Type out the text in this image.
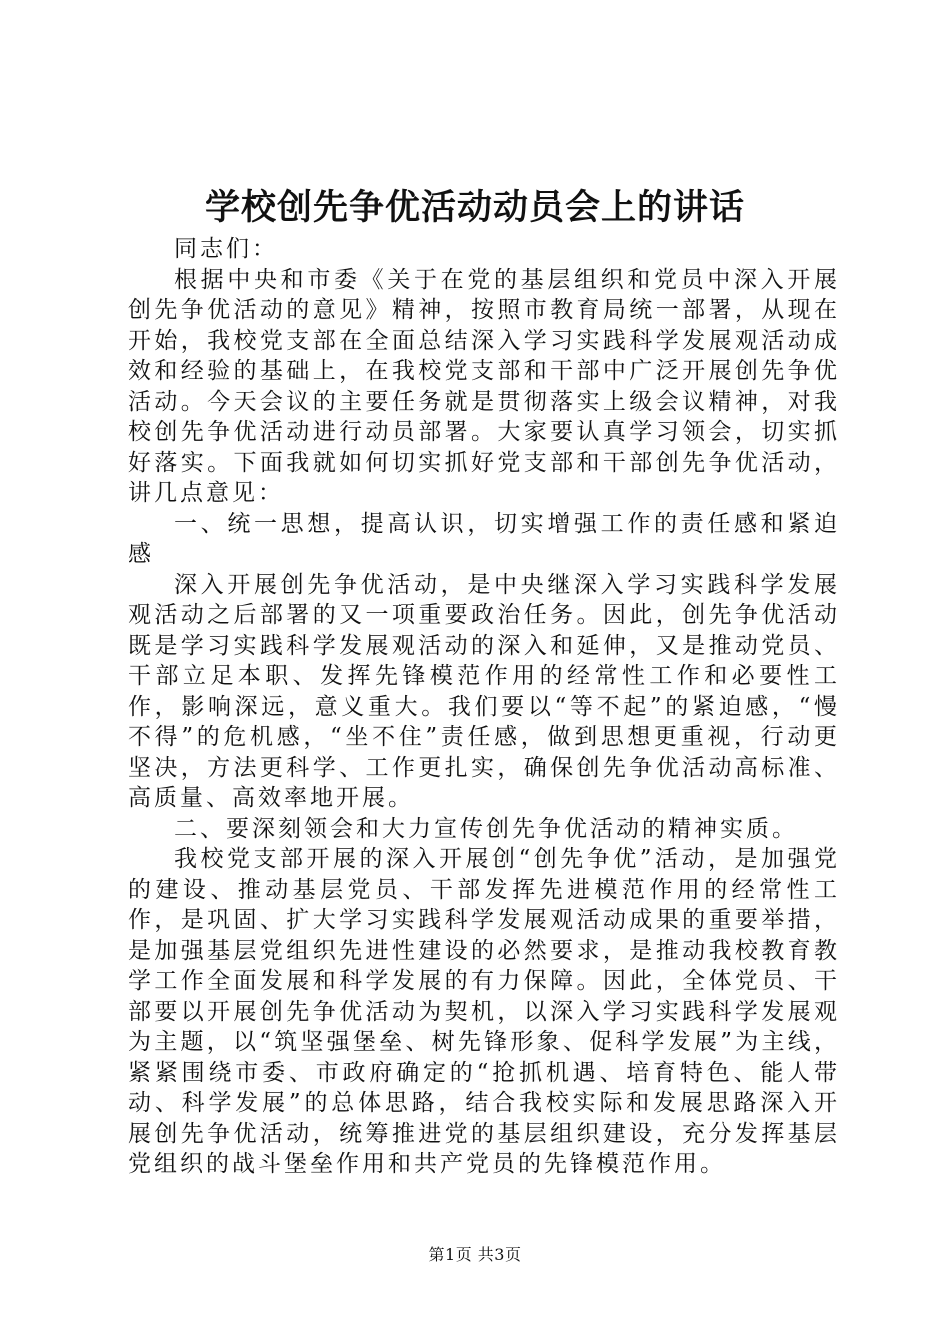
学校创先争优活动动员会上的讲话

同志们：

根据中央和市委《关于在党的基层组织和党员中深入开展创先争优活动的意见》精神，按照市教育局统一部署，从现在开始，我校党支部在全面总结深入学习实践科学发展观活动成效和经验的基础上，在我校党支部和干部中广泛开展创先争优活动。今天会议的主要任务就是贯彻落实上级会议精神，对我校创先争优活动进行动员部署。大家要认真学习领会，切实抓好落实。下面我就如何切实抓好党支部和干部创先争优活动，讲几点意见：

一、统一思想，提高认识，切实增强工作的责任感和紧迫感

深入开展创先争优活动，是中央继深入学习实践科学发展观活动之后部署的又一项重要政治任务。因此，创先争优活动既是学习实践科学发展观活动的深入和延伸，又是推动党员、干部立足本职、发挥先锋模范作用的经常性工作和必要性工作，影响深远，意义重大。我们要以“等不起”的紧迫感，“慢不得”的危机感，“坐不住”责任感，做到思想更重视，行动更坚决，方法更科学、工作更扎实，确保创先争优活动高标准、高质量、高效率地开展。

二、要深刻领会和大力宣传创先争优活动的精神实质。

我校党支部开展的深入开展创“创先争优”活动，是加强党的建设、推动基层党员、干部发挥先进模范作用的经常性工作，是巩固、扩大学习实践科学发展观活动成果的重要举措，是加强基层党组织先进性建设的必然要求，是推动我校教育教学工作全面发展和科学发展的有力保障。因此，全体党员、干部要以开展创先争优活动为契机，以深入学习实践科学发展观为主题，以“筑坚强堡垒、树先锋形象、促科学发展”为主线，紧紧围绕市委、市政府确定的“抢抓机遇、培育特色、能人带动、科学发展”的总体思路，结合我校实际和发展思路深入开展创先争优活动，统筹推进党的基层组织建设，充分发挥基层党组织的战斗堡垒作用和共产党员的先锋模范作用。

第1页 共3页
